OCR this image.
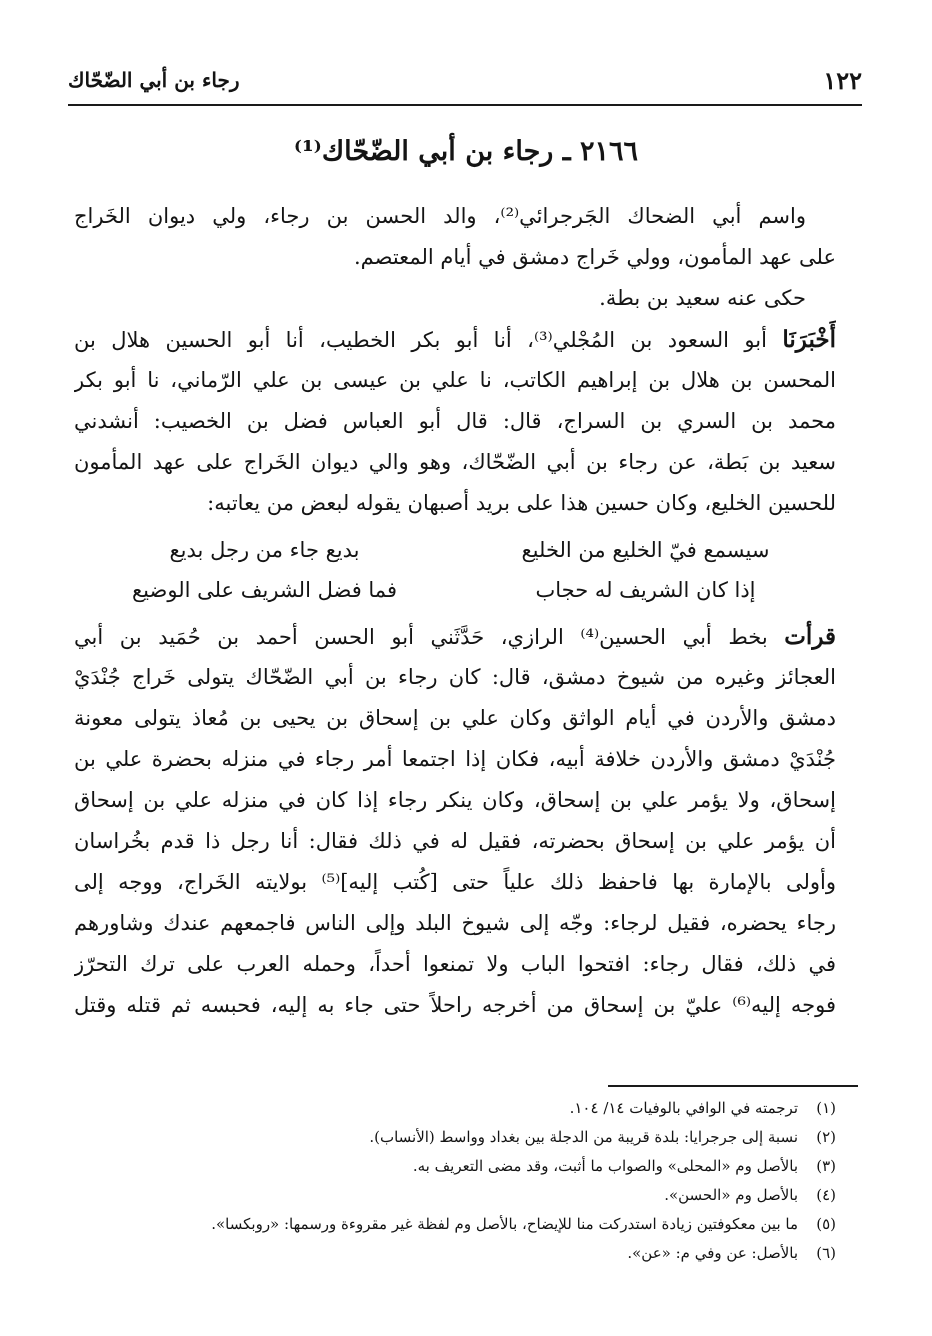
١٢٢
رجاء بن أبي الضّحّاك
٢١٦٦ ـ رجاء بن أبي الضّحّاك⁽¹⁾
واسم أبي الضحاك الجَرجرائي⁽²⁾، والد الحسن بن رجاء، ولي ديوان الخَراج
على عهد المأمون، وولي خَراج دمشق في أيام المعتصم.
حكى عنه سعيد بن بطة.
أَخْبَرَنَا أبو السعود بن المُجْلي⁽³⁾، أنا أبو بكر الخطيب، أنا أبو الحسين هلال بن
المحسن بن هلال بن إبراهيم الكاتب، نا علي بن عيسى بن علي الرّماني، نا أبو بكر
محمد بن السري بن السراج، قال: قال أبو العباس فضل بن الخصيب: أنشدني
سعيد بن بَطة، عن رجاء بن أبي الضّحّاك، وهو والي ديوان الخَراج على عهد المأمون
للحسين الخليع، وكان حسين هذا على بريد أصبهان يقوله لبعض من يعاتبه:
سيسمع فيّ الخليع من الخليع
بديع جاء من رجل بديع
إذا كان الشريف له حجاب
فما فضل الشريف على الوضيع
قرأت بخط أبي الحسين⁽⁴⁾ الرازي، حَدَّثَني أبو الحسن أحمد بن حُمَيد بن أبي
العجائز وغيره من شيوخ دمشق، قال: كان رجاء بن أبي الضّحّاك يتولى خَراج جُنْدَيْ
دمشق والأردن في أيام الواثق وكان علي بن إسحاق بن يحيى بن مُعاذ يتولى معونة
جُنْدَيْ دمشق والأردن خلافة أبيه، فكان إذا اجتمعا أمر رجاء في منزله بحضرة علي بن
إسحاق، ولا يؤمر علي بن إسحاق، وكان ينكر رجاء إذا كان في منزله علي بن إسحاق
أن يؤمر علي بن إسحاق بحضرته، فقيل له في ذلك فقال: أنا رجل ذا قدم بخُراسان
وأولى بالإمارة بها فاحفظ ذلك علياً حتى [كُتب إليه]⁽⁵⁾ بولايته الخَراج، ووجه إلى
رجاء يحضره، فقيل لرجاء: وجّه إلى شيوخ البلد وإلى الناس فاجمعهم عندك وشاورهم
في ذلك، فقال رجاء: افتحوا الباب ولا تمنعوا أحداً، وحمله العرب على ترك التحرّز
فوجه إليه⁽⁶⁾ عليّ بن إسحاق من أخرجه راحلاً حتى جاء به إليه، فحبسه ثم قتله وقتل
(١)ترجمته في الوافي بالوفيات ١٤/ ١٠٤.
(٢)نسبة إلى جرجرايا: بلدة قريبة من الدجلة بين بغداد وواسط (الأنساب).
(٣)بالأصل وم «المحلى» والصواب ما أثبت، وقد مضى التعريف به.
(٤)بالأصل وم «الحسن».
(٥)ما بين معكوفتين زيادة استدركت منا للإيضاح، بالأصل وم لفظة غير مقروءة ورسمها: «روبكسا».
(٦)بالأصل: عن وفي م: «عن».
